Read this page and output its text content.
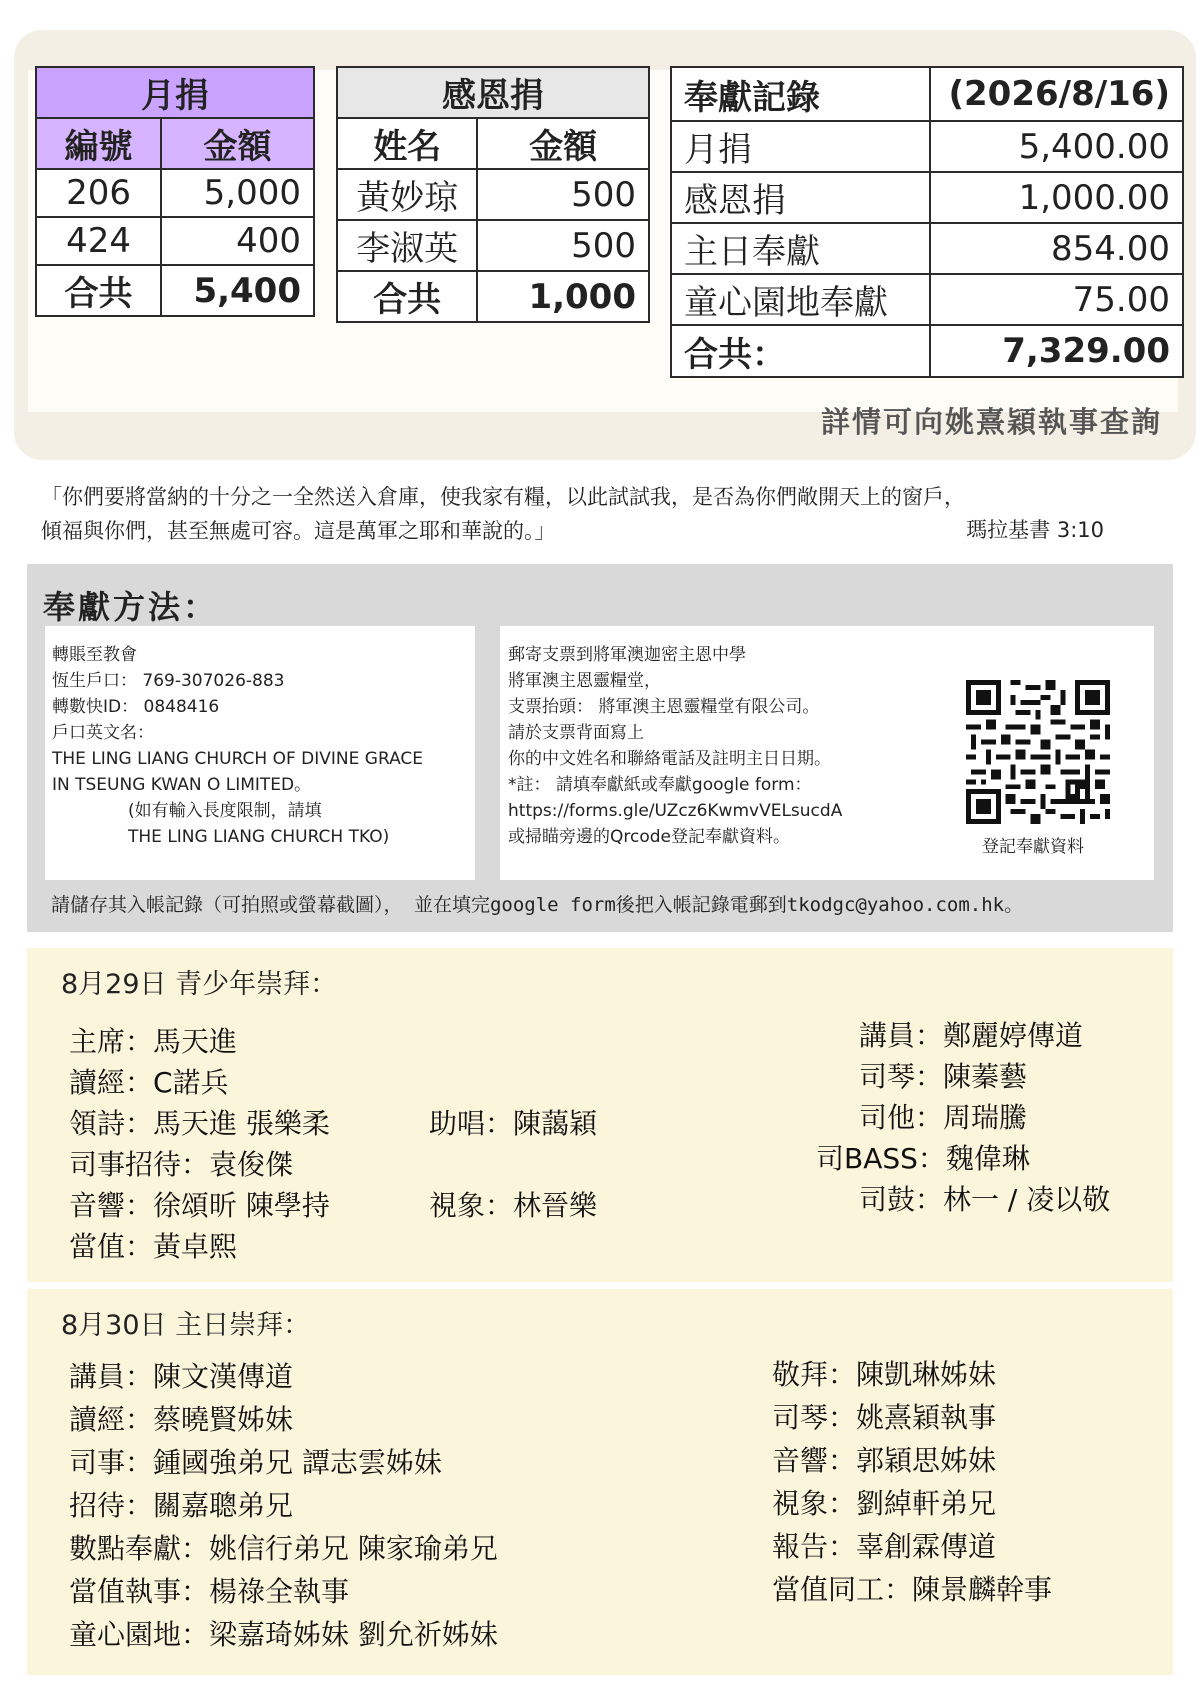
月捐	
編號	金額
206	5,000
424	400
合共	5,400
感恩捐	
姓名	金額
黃妙琼	500
李淑英	500
合共	1,000
奉獻記錄	(2026/8/16)
月捐	5,400.00
感恩捐	1,000.00
主日奉獻	854.00
童心園地奉獻	75.00
合共：	7,329.00
詳情可向姚熹穎執事查詢
「你們要將當納的十分之一全然送入倉庫，使我家有糧，以此試試我，是否為你們敞開天上的窗戶，
傾福與你們，甚至無處可容。這是萬軍之耶和華說的。」	瑪拉基書 3:10
奉獻方法：
轉賬至教會
恆生戶口： 769-307026-883
轉數快ID： 0848416
戶口英文名：
THE LING LIANG CHURCH OF DIVINE GRACE
IN TSEUNG KWAN O LIMITED。
(如有輸入長度限制，請填
THE LING LIANG CHURCH TKO)
郵寄支票到將軍澳迦密主恩中學
將軍澳主恩靈糧堂，
支票抬頭： 將軍澳主恩靈糧堂有限公司。
請於支票背面寫上
你的中文姓名和聯絡電話及註明主日日期。
*註： 請填奉獻紙或奉獻google form：
https://forms.gle/UZcz6KwmvVELsucdA
或掃瞄旁邊的Qrcode登記奉獻資料。	登記奉獻資料
請儲存其入帳記錄（可拍照或螢幕截圖）， 並在填完google form後把入帳記錄電郵到tkodgc@yahoo.com.hk。
8月29日 青少年崇拜：
主席：馬天進
讀經：C諾兵
領詩：馬天進 張樂柔
司事招待：袁俊傑
音響：徐頌昕 陳學持
當值：黃卓熙
助唱：陳藹穎
視象：林晉樂
講員：鄭麗婷傳道
司琴：陳蓁藝
司他：周瑞騰
司BASS：魏偉琳
司鼓：林一 / 凌以敬
8月30日 主日崇拜：
講員：陳文漢傳道
讀經：蔡曉賢姊妹
司事：鍾國強弟兄 譚志雲姊妹
招待：關嘉聰弟兄
數點奉獻：姚信行弟兄 陳家瑜弟兄
當值執事：楊祿全執事
童心園地：梁嘉琦姊妹 劉允祈姊妹
敬拜：陳凱琳姊妹
司琴：姚熹穎執事
音響：郭穎思姊妹
視象：劉綽軒弟兄
報告：辜創霖傳道
當值同工：陳景麟幹事
